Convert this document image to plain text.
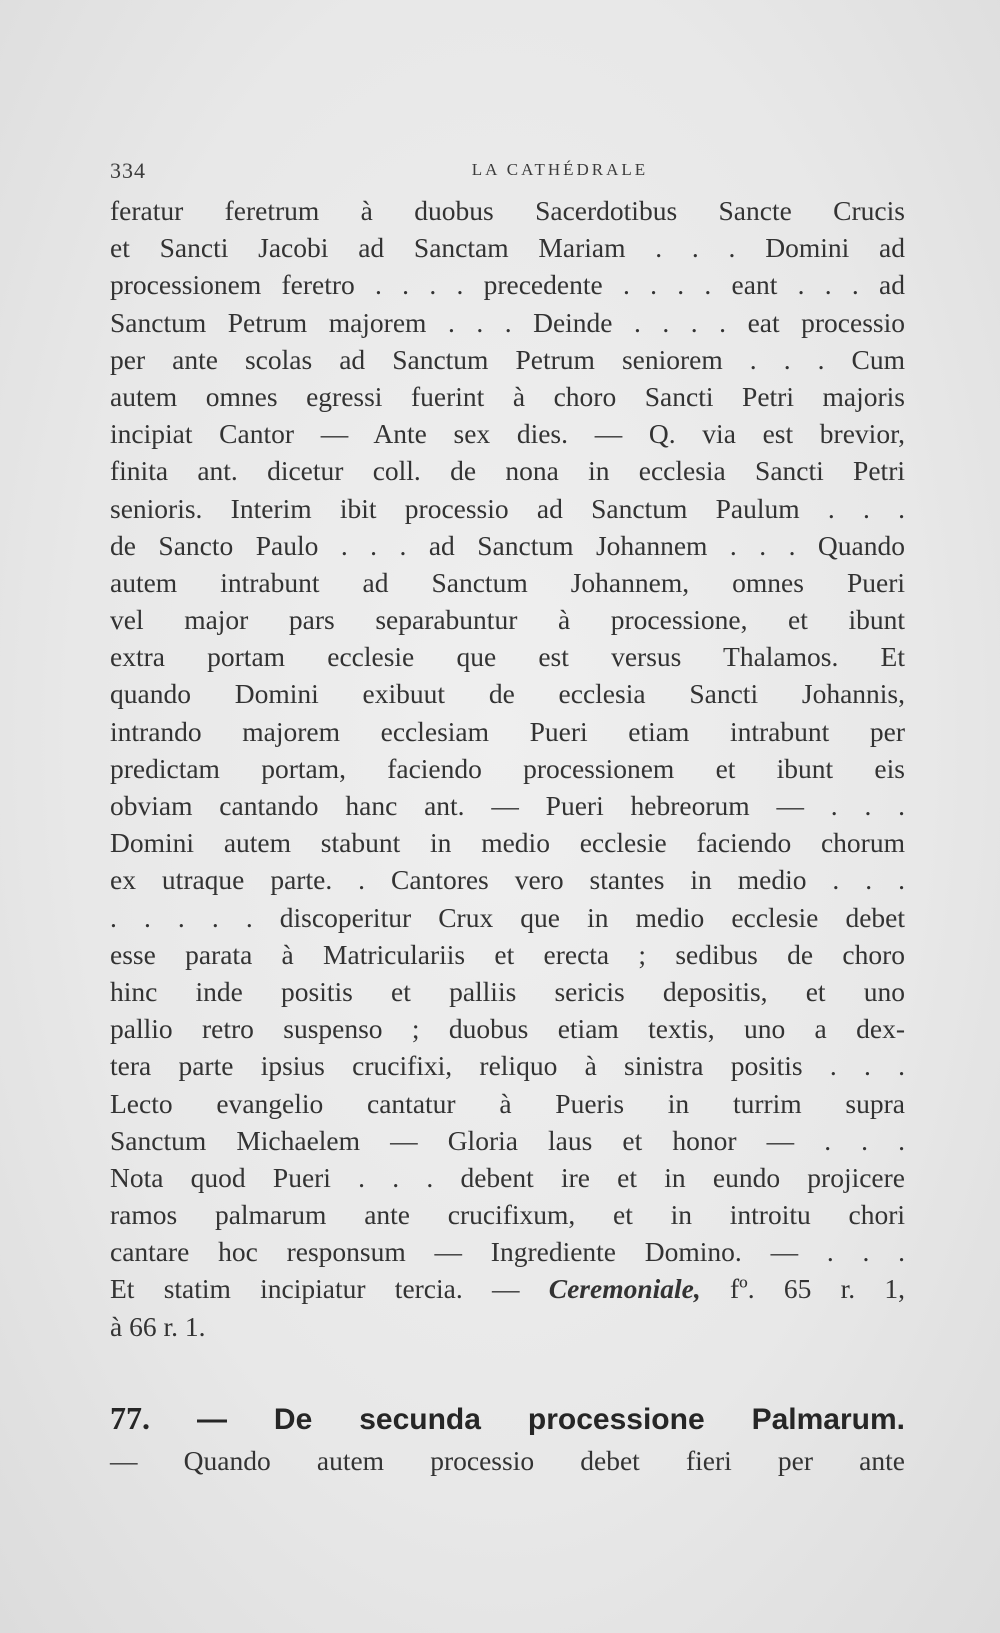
334	LA CATHÉDRALE
feratur feretrum à duobus Sacerdotibus Sancte Crucis
et Sancti Jacobi ad Sanctam Mariam . . . Domini ad
processionem feretro . . . . precedente . . . . eant . . . ad
Sanctum Petrum majorem . . . Deinde . . . . eat processio
per ante scolas ad Sanctum Petrum seniorem . . . Cum
autem omnes egressi fuerint à choro Sancti Petri majoris
incipiat Cantor — Ante sex dies. — Q. via est brevior,
finita ant. dicetur coll. de nona in ecclesia Sancti Petri
senioris. Interim ibit processio ad Sanctum Paulum . . .
de Sancto Paulo . . . ad Sanctum Johannem . . . Quando
autem intrabunt ad Sanctum Johannem, omnes Pueri
vel major pars separabuntur à processione, et ibunt
extra portam ecclesie que est versus Thalamos. Et
quando Domini exibuut de ecclesia Sancti Johannis,
intrando majorem ecclesiam Pueri etiam intrabunt per
predictam portam, faciendo processionem et ibunt eis
obviam cantando hanc ant. — Pueri hebreorum — . . .
Domini autem stabunt in medio ecclesie faciendo chorum
ex utraque parte. . Cantores vero stantes in medio . . .
. . . . . discoperitur Crux que in medio ecclesie debet
esse parata à Matriculariis et erecta ; sedibus de choro
hinc inde positis et palliis sericis depositis, et uno
pallio retro suspenso ; duobus etiam textis, uno a dex-
tera parte ipsius crucifixi, reliquo à sinistra positis . . .
Lecto evangelio cantatur à Pueris in turrim supra
Sanctum Michaelem — Gloria laus et honor — . . .
Nota quod Pueri . . . debent ire et in eundo projicere
ramos palmarum ante crucifixum, et in introitu chori
cantare hoc responsum — Ingrediente Domino. — . . .
Et statim incipiatur tercia. — Ceremoniale, fº. 65 r. 1,
à 66 r. 1.
77. — De secunda processione Palmarum.
— Quando autem processio debet fieri per ante
